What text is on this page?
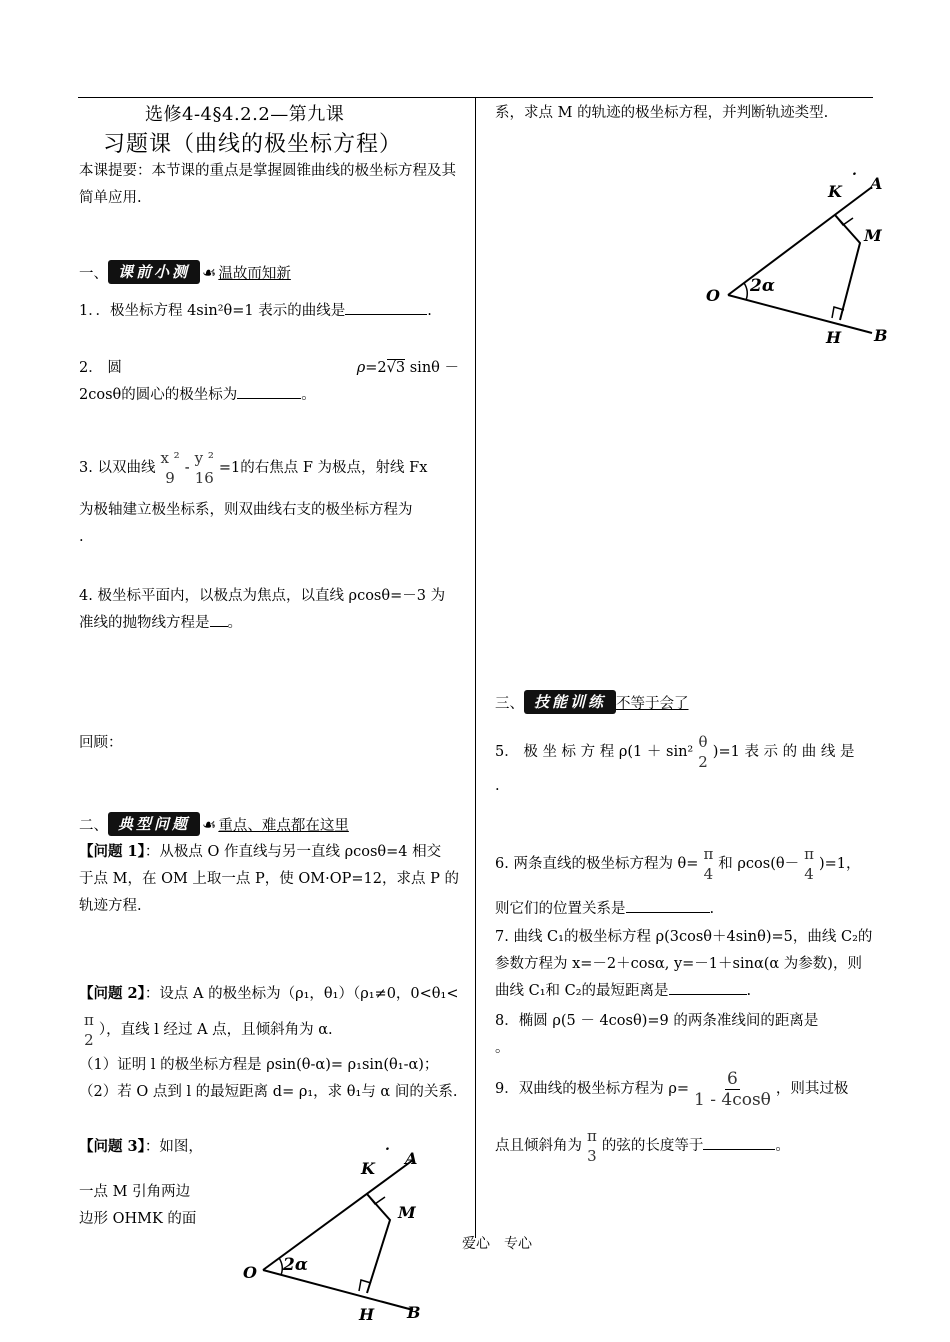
选修4-4§4.2.2—第九课
习题课（曲线的极坐标方程）
本课提要：本节课的重点是掌握圆锥曲线的极坐标方程及其简单应用.
一、 课前小测 ☙ 温故而知新
1．．极坐标方程 4sin²θ=1 表示的曲线是	.
2． 圆	ρ=2√3 sinθ －
2cosθ的圆心的极坐标为	。
3. 以双曲线
x ²
9
-
y ²
16
=1的右焦点 F 为极点，射线 Fx
为极轴建立极坐标系，则双曲线右支的极坐标方程为
.
4. 极坐标平面内，以极点为焦点，以直线 ρcosθ=－3 为
准线的抛物线方程是 。
回顾：
二、 典型问题 ☙ 重点、难点都在这里
【问题 1】：从极点 O 作直线与另一直线 ρcosθ=4 相交
于点 M，在 OM 上取一点 P，使 OM·OP=12，求点 P 的
轨迹方程.
【问题 2】：设点 A 的极坐标为（ρ₁，θ₁）（ρ₁≠0，0<θ₁<
π
2
），直线 l 经过 A 点，且倾斜角为 α.
（1）证明 l 的极坐标方程是 ρsin(θ-α)= ρ₁sin(θ₁-α)；
（2）若 O 点到 l 的最短距离 d= ρ₁，求 θ₁与 α 间的关系.
【问题 3】：如图，
一点 M 引角两边
边形 OHMK 的面
O
A
B
K
M
H
2α
.
系，求点 M 的轨迹的极坐标方程，并判断轨迹类型.
O
A
B
K
M
H
2α
.
三、 技能训练 不等于会了
5． 极 坐 标 方 程 ρ(1 ＋ sin²
θ
2
)=1 表 示 的 曲 线 是
.
6. 两条直线的极坐标方程为 θ=
π
4
和 ρcos(θ－
π
4
)=1，
则它们的位置关系是	.
7. 曲线 C₁的极坐标方程 ρ(3cosθ＋4sinθ)=5，曲线 C₂的
参数方程为 x=－2＋cosα, y=－1＋sinα(α 为参数)，则
曲线 C₁和 C₂的最短距离是	.
8．椭圆 ρ(5 － 4cosθ)=9 的两条准线间的距离是
。
9．双曲线的极坐标方程为 $\rho= \frac{6}{1 - 4\cos\theta}$ ，则其过极
点且倾斜角为
π
3
的弦的长度等于	。
爱心　专心
